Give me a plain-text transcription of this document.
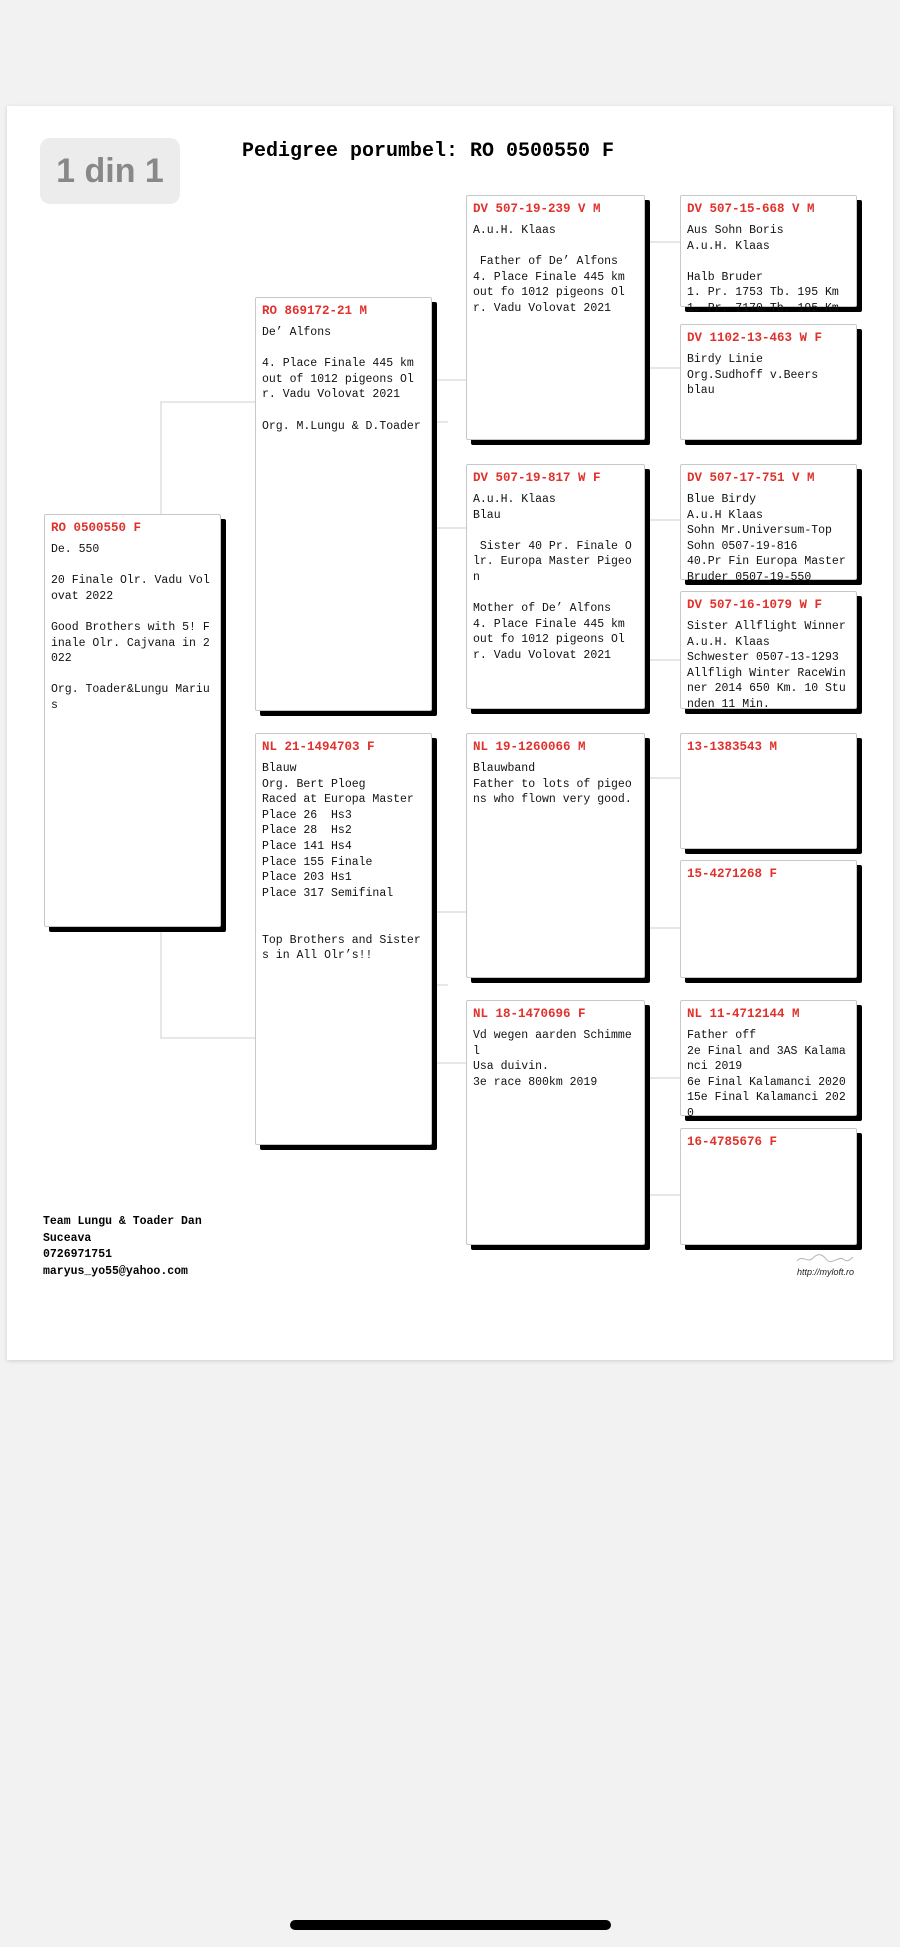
1 din 1	Pedigree porumbel: RO 0500550 F
RO 0500550 F
De. 550

20 Finale Olr. Vadu Volovat 2022

Good Brothers with 5! Finale Olr. Cajvana in 2022

Org. Toader&Lungu Marius
RO 869172-21 M
De’ Alfons

4. Place Finale 445 km out of 1012 pigeons Olr. Vadu Volovat 2021

Org. M.Lungu & D.Toader
NL 21-1494703 F
Blauw
Org. Bert Ploeg
Raced at Europa Master
Place 26  Hs3
Place 28  Hs2
Place 141 Hs4
Place 155 Finale
Place 203 Hs1
Place 317 Semifinal

Top Brothers and Sisters in All Olr’s!!
DV 507-19-239 V M
A.u.H. Klaas

Father of De’ Alfons
4. Place Finale 445 km out fo 1012 pigeons Olr. Vadu Volovat 2021
DV 507-19-817 W F
A.u.H. Klaas
Blau

Sister 40 Pr. Finale Olr. Europa Master Pigeon

Mother of De’ Alfons
4. Place Finale 445 km out fo 1012 pigeons Olr. Vadu Volovat 2021
NL 19-1260066 M
Blauwband
Father to lots of pigeons who flown very good.
NL 18-1470696 F
Vd wegen aarden Schimmel
Usa duivin.
3e race 800km 2019
DV 507-15-668 V M
Aus Sohn Boris
A.u.H. Klaas

Halb Bruder
1. Pr. 1753 Tb. 195 Km
1. Pr. 7170 Tb. 195 Km
DV 1102-13-463 W F
Birdy Linie
Org.Sudhoff v.Beers
blau
DV 507-17-751 V M
Blue Birdy
A.u.H Klaas
Sohn Mr.Universum-Top
Sohn 0507-19-816
40.Pr Fin Europa Master
Bruder 0507-19-550
DV 507-16-1079 W F
Sister Allflight Winner
A.u.H. Klaas
Schwester 0507-13-1293
Allfligh Winter RaceWinner 2014 650 Km. 10 Stunden 11 Min.
13-1383543 M
15-4271268 F
NL 11-4712144 M
Father off
2e Final and 3AS Kalamanci 2019
6e Final Kalamanci 2020
15e Final Kalamanci 2020
16-4785676 F
Team Lungu & Toader Dan
Suceava
0726971751
maryus_yo55@yahoo.com	http://myloft.ro
